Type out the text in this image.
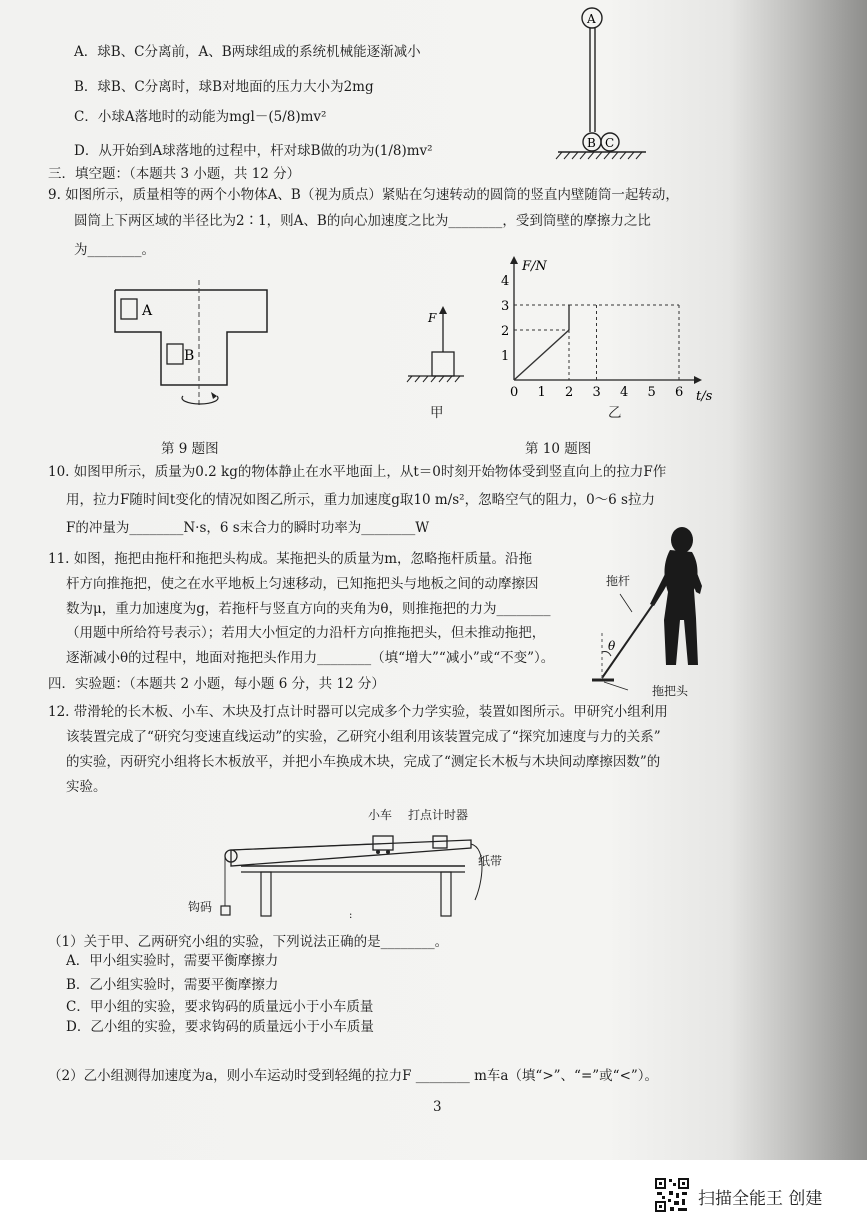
A．球B、C分离前，A、B两球组成的系统机械能逐渐减小
B．球B、C分离时，球B对地面的压力大小为2mg
C．小球A落地时的动能为mgl－(5/8)mv²
D．从开始到A球落地的过程中，杆对球B做的功为(1/8)mv²
A
B C
三．填空题：（本题共 3 小题，共 12 分）
9. 如图所示，质量相等的两个小物体A、B（视为质点）紧贴在匀速转动的圆筒的竖直内壁随筒一起转动，
圆筒上下两区域的半径比为2∶1，则A、B的向心加速度之比为________，受到筒壁的摩擦力之比
为________。
A
B
第 9 题图
F
甲
F/N
t/s
0 1 2 3 4 5 6
1
2
3
4
乙
第 10 题图
10. 如图甲所示，质量为0.2 kg的物体静止在水平地面上，从t＝0时刻开始物体受到竖直向上的拉力F作
用，拉力F随时间t变化的情况如图乙所示，重力加速度g取10 m/s²，忽略空气的阻力，0～6 s拉力
F的冲量为________N·s，6 s末合力的瞬时功率为________W
11. 如图，拖把由拖杆和拖把头构成。某拖把头的质量为m，忽略拖杆质量。沿拖
杆方向推拖把，使之在水平地板上匀速移动，已知拖把头与地板之间的动摩擦因
数为μ，重力加速度为g，若拖杆与竖直方向的夹角为θ，则推拖把的力为________
（用题中所给符号表示）；若用大小恒定的力沿杆方向推拖把头，但未推动拖把，
逐渐减小θ的过程中，地面对拖把头作用力________（填“增大”“减小”或“不变”）。
θ
拖杆
拖把头
四．实验题：（本题共 2 小题，每小题 6 分，共 12 分）
12. 带滑轮的长木板、小车、木块及打点计时器可以完成多个力学实验，装置如图所示。甲研究小组利用
该装置完成了“研究匀变速直线运动”的实验，乙研究小组利用该装置完成了“探究加速度与力的关系”
的实验，丙研究小组将长木板放平，并把小车换成木块，完成了“测定长木板与木块间动摩擦因数”的
实验。
小车 打点计时器
纸带
钩码
:
（1）关于甲、乙两研究小组的实验，下列说法正确的是________。
A．甲小组实验时，需要平衡摩擦力
B．乙小组实验时，需要平衡摩擦力
C．甲小组的实验，要求钩码的质量远小于小车质量
D．乙小组的实验，要求钩码的质量远小于小车质量
（2）乙小组测得加速度为a，则小车运动时受到轻绳的拉力F ________ m车a（填“>”、“=”或“<”）。
3
扫描全能王 创建
